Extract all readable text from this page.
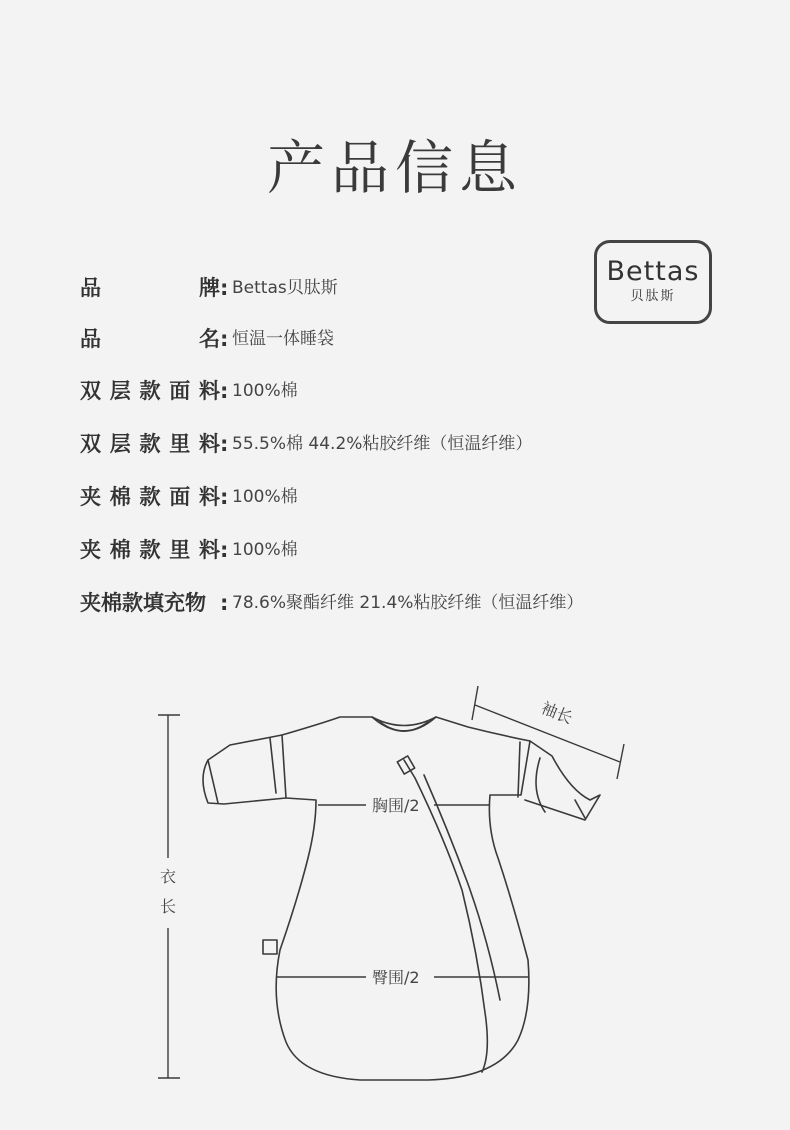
产品信息
Bettas
贝肽斯
品牌: Bettas贝肽斯
品名: 恒温一体睡袋
双层款面料: 100%棉
双层款里料: 55.5%棉 44.2%粘胶纤维（恒温纤维）
夹棉款面料: 100%棉
夹棉款里料: 100%棉
夹棉款填充物 : 78.6%聚酯纤维 21.4%粘胶纤维（恒温纤维）
袖长
胸围/2
衣
长
臀围/2
